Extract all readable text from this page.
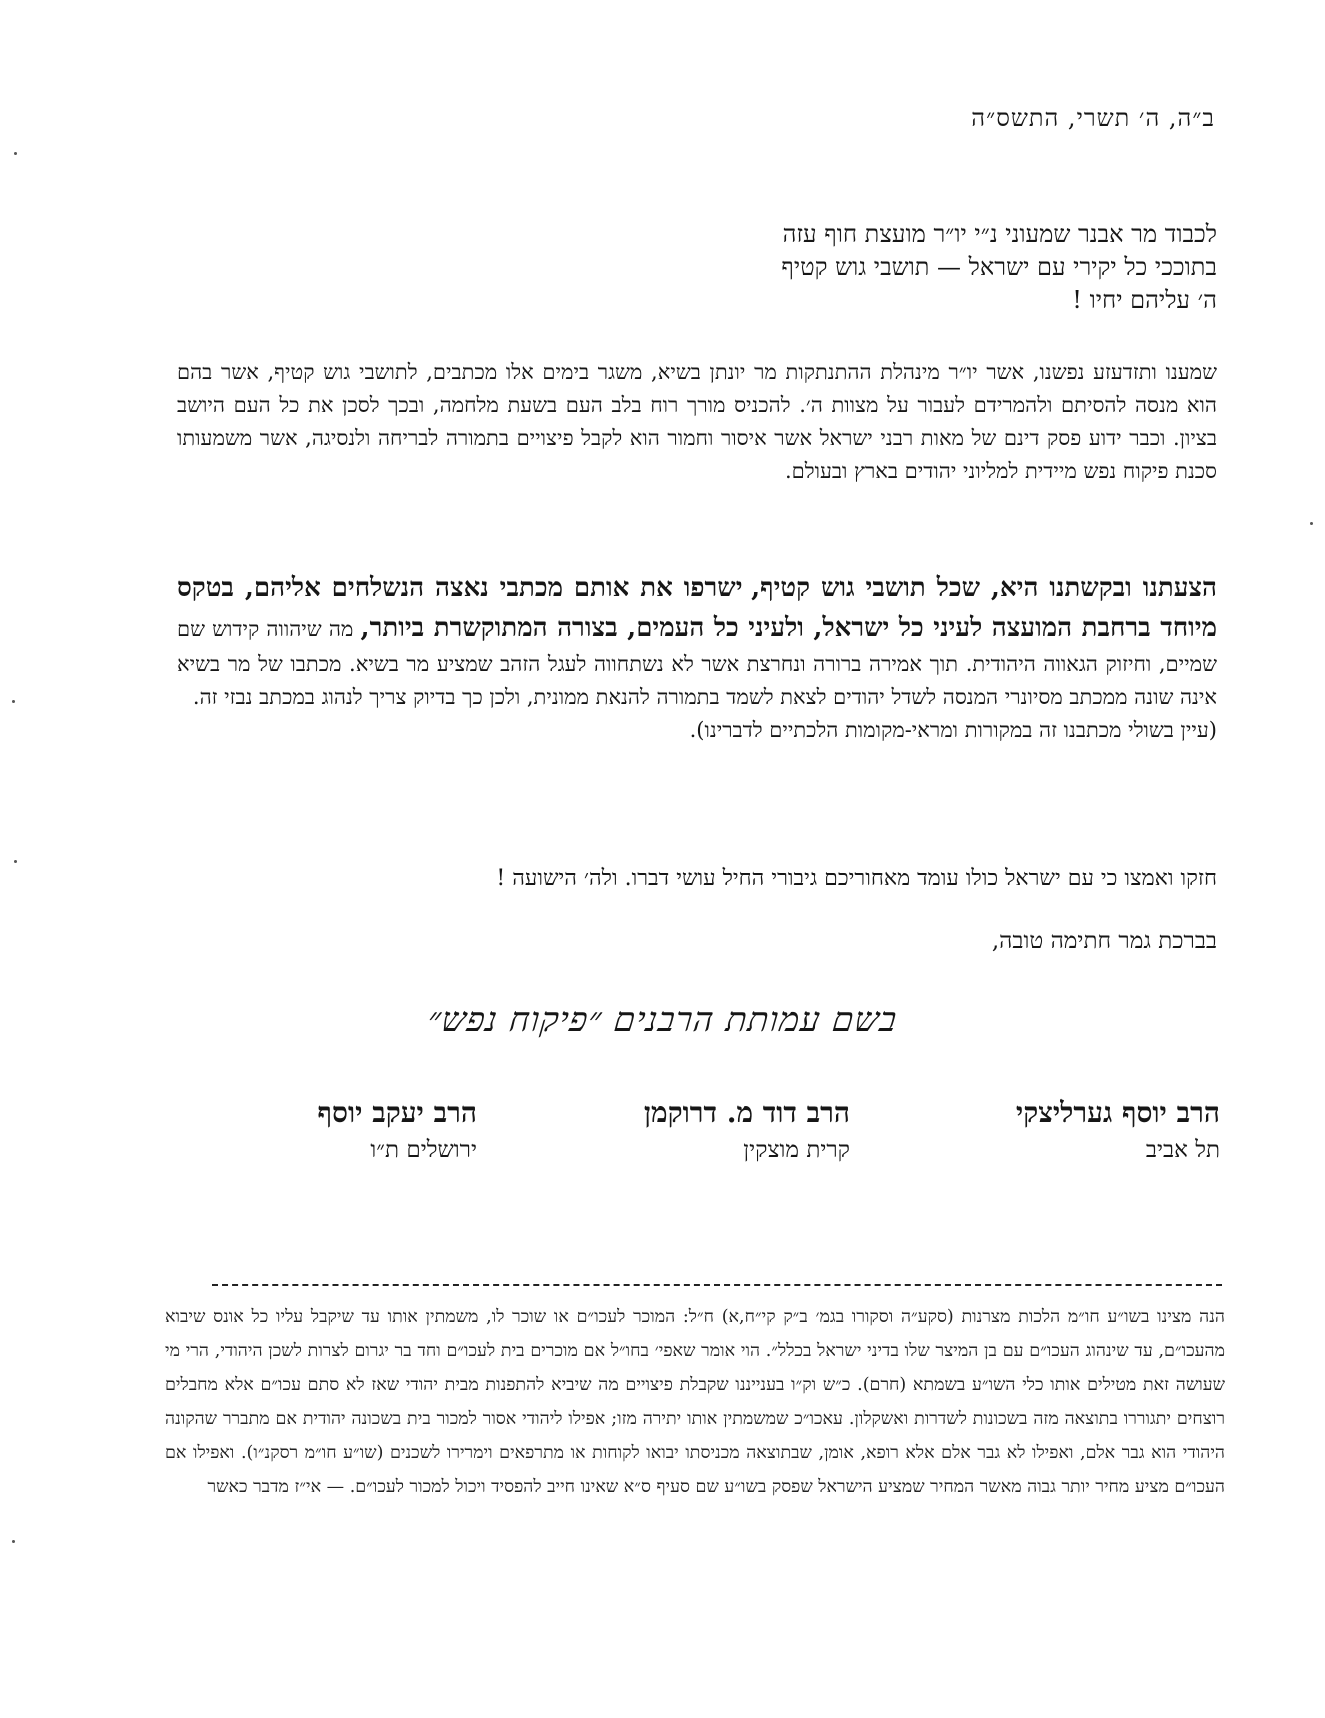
ב״ה, ה׳ תשרי, התשס״ה
לכבוד מר אבנר שמעוני נ״י יו״ר מועצת חוף עזה
בתוככי כל יקירי עם ישראל — תושבי גוש קטיף
ה׳ עליהם יחיו !
שמענו ותזדעזע נפשנו, אשר יו״ר מינהלת ההתנתקות מר יונתן בשיא, משגר בימים אלו מכתבים, לתושבי גוש קטיף, אשר בהם הוא מנסה להסיתם ולהמרידם לעבור על מצוות ה׳. להכניס מורך רוח בלב העם בשעת מלחמה, ובכך לסכן את כל העם היושב בציון. וכבר ידוע פסק דינם של מאות רבני ישראל אשר איסור וחמור הוא לקבל פיצויים בתמורה לבריחה ולנסיגה, אשר משמעותו סכנת פיקוח נפש מיידית למליוני יהודים בארץ ובעולם.
הצעתנו ובקשתנו היא, שכל תושבי גוש קטיף, ישרפו את אותם מכתבי נאצה הנשלחים אליהם, בטקס מיוחד ברחבת המועצה לעיני כל ישראל, ולעיני כל העמים, בצורה המתוקשרת ביותר, מה שיהווה קידוש שם שמיים, וחיזוק הגאווה היהודית. תוך אמירה ברורה ונחרצת אשר לא נשתחווה לעגל הזהב שמציע מר בשיא. מכתבו של מר בשיא אינה שונה ממכתב מסיונרי המנסה לשדל יהודים לצאת לשמד בתמורה להנאת ממונית, ולכן כך בדיוק צריך לנהוג במכתב נבזי זה.
(עיין בשולי מכתבנו זה במקורות ומראי-מקומות הלכתיים לדברינו).
חזקו ואמצו כי עם ישראל כולו עומד מאחוריכם גיבורי החיל עושי דברו. ולה׳ הישועה !
בברכת גמר חתימה טובה,
בשם עמותת הרבנים ״פיקוח נפש״
הרב יוסף גערליצקי
תל אביב
הרב דוד מ. דרוקמן
קרית מוצקין
הרב יעקב יוסף
ירושלים ת״ו
הנה מצינו בשו״ע חו״מ הלכות מצרנות (סקע״ה וסקורו בגמ׳ ב״ק קי״ח,א) ח״ל: המוכר לעכו״ם או שוכר לו, משמתין אותו עד שיקבל עליו כל אונס שיבוא מהעכו״ם, עד שינהוג העכו״ם עם בן המיצר שלו בדיני ישראל בכלל״. הוי אומר שאפי׳ בחו״ל אם מוכרים בית לעכו״ם וחד בר יגרום לצרות לשכן היהודי, הרי מי שעושה זאת מטילים אותו כלי השו״ע בשמתא (חרם). כ״ש וק״ו בענייננו שקבלת פיצויים מה שיביא להתפנות מבית יהודי שאז לא סתם עכו״ם אלא מחבלים רוצחים יתגוררו בתוצאה מזה בשכונות לשדרות ואשקלון. עאכו״כ שמשמתין אותו יתירה מזו; אפילו ליהודי אסור למכור בית בשכונה יהודית אם מתברר שהקונה היהודי הוא גבר אלם, ואפילו לא גבר אלם אלא רופא, אומן, שבתוצאה מכניסתו יבואו לקוחות או מתרפאים וימרירו לשכנים (שו״ע חו״מ רסקנ״ו). ואפילו אם העכו״ם מציע מחיר יותר גבוה מאשר המחיר שמציע הישראל שפסק בשו״ע שם סעיף ס״א שאינו חייב להפסיד ויכול למכור לעכו״ם. — אי״ז מדבר כאשר
